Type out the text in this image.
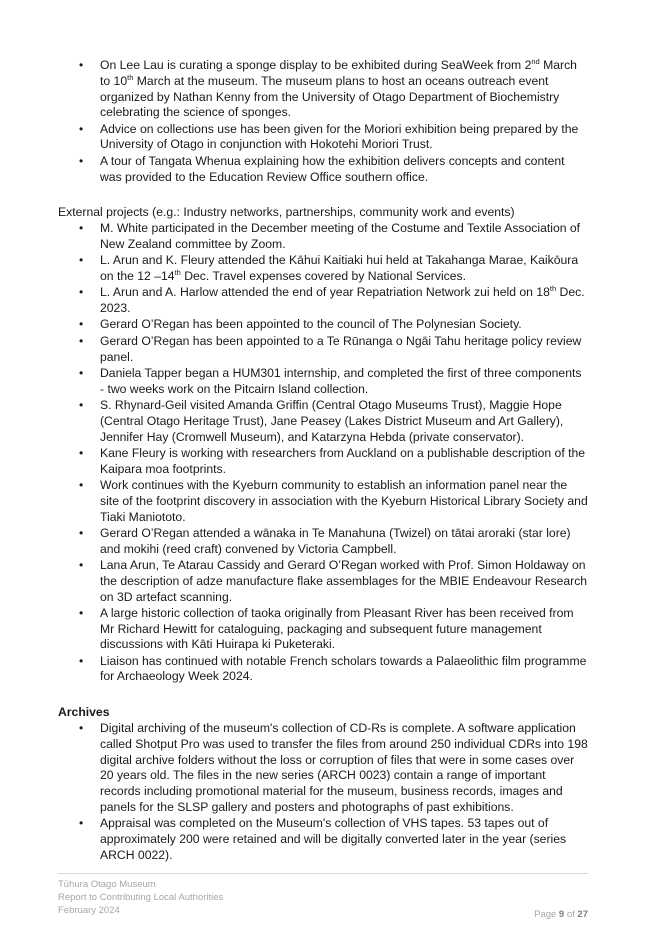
• On Lee Lau is curating a sponge display to be exhibited during SeaWeek from 2nd March to 10th March at the museum. The museum plans to host an oceans outreach event organized by Nathan Kenny from the University of Otago Department of Biochemistry celebrating the science of sponges.
• Advice on collections use has been given for the Moriori exhibition being prepared by the University of Otago in conjunction with Hokotehi Moriori Trust.
• A tour of Tangata Whenua explaining how the exhibition delivers concepts and content was provided to the Education Review Office southern office.

External projects (e.g.: Industry networks, partnerships, community work and events)

• M. White participated in the December meeting of the Costume and Textile Association of New Zealand committee by Zoom.
• L. Arun and K. Fleury attended the Kāhui Kaitiaki hui held at Takahanga Marae, Kaikōura on the 12 –14th Dec. Travel expenses covered by National Services.
• L. Arun and A. Harlow attended the end of year Repatriation Network zui held on 18th Dec. 2023.
• Gerard O’Regan has been appointed to the council of The Polynesian Society.
• Gerard O’Regan has been appointed to a Te Rūnanga o Ngāi Tahu heritage policy review panel.
• Daniela Tapper began a HUM301 internship, and completed the first of three components - two weeks work on the Pitcairn Island collection.
• S. Rhynard-Geil visited Amanda Griffin (Central Otago Museums Trust), Maggie Hope (Central Otago Heritage Trust), Jane Peasey (Lakes District Museum and Art Gallery), Jennifer Hay (Cromwell Museum), and Katarzyna Hebda (private conservator).
• Kane Fleury is working with researchers from Auckland on a publishable description of the Kaipara moa footprints.
• Work continues with the Kyeburn community to establish an information panel near the site of the footprint discovery in association with the Kyeburn Historical Library Society and Tiaki Maniototo.
• Gerard O’Regan attended a wānaka in Te Manahuna (Twizel) on tātai aroraki (star lore) and mokihi (reed craft) convened by Victoria Campbell.
• Lana Arun, Te Atarau Cassidy and Gerard O’Regan worked with Prof. Simon Holdaway on the description of adze manufacture flake assemblages for the MBIE Endeavour Research on 3D artefact scanning.
• A large historic collection of taoka originally from Pleasant River has been received from Mr Richard Hewitt for cataloguing, packaging and subsequent future management discussions with Kāti Huirapa ki Puketeraki.
• Liaison has continued with notable French scholars towards a Palaeolithic film programme for Archaeology Week 2024.

Archives

• Digital archiving of the museum's collection of CD-Rs is complete. A software application called Shotput Pro was used to transfer the files from around 250 individual CDRs into 198 digital archive folders without the loss or corruption of files that were in some cases over 20 years old. The files in the new series (ARCH 0023) contain a range of important records including promotional material for the museum, business records, images and panels for the SLSP gallery and posters and photographs of past exhibitions.
• Appraisal was completed on the Museum's collection of VHS tapes. 53 tapes out of approximately 200 were retained and will be digitally converted later in the year (series ARCH 0022).
Tūhura Otago Museum
Report to Contributing Local Authorities
February 2024	Page 9 of 27
